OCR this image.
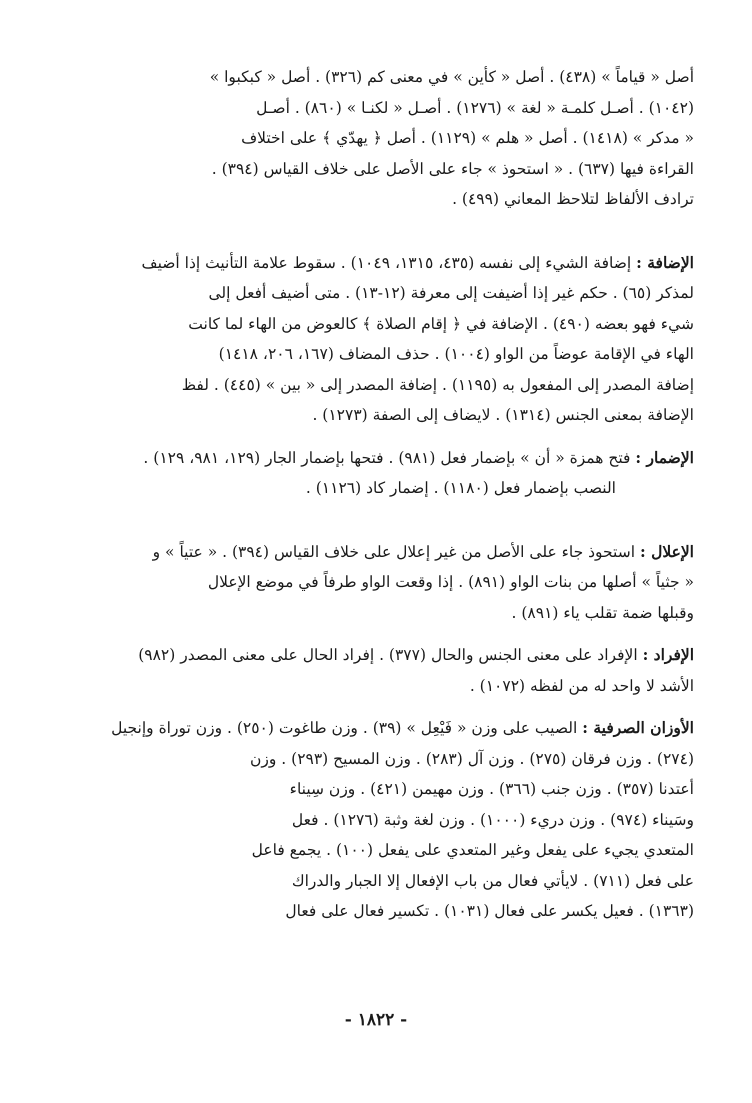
أصل « قياماً » (٤٣٨) . أصل « كأين » في معنى كم (٣٢٦) . أصل « كبكبوا »
(١٠٤٢) . أصـل كلمـة « لغة » (١٢٧٦) . أصـل « لكنـا » (٨٦٠) . أصـل
« مدكر » (١٤١٨) . أصل « هلم » (١١٢٩) . أصل ﴿ يهدّي ﴾ على اختلاف
القراءة فيها (٦٣٧) . « استحوذ » جاء على الأصل على خلاف القياس (٣٩٤) .
ترادف الألفاظ لتلاحظ المعاني (٤٩٩) .
الإضافة : إضافة الشيء إلى نفسه (٤٣٥، ١٣١٥، ١٠٤٩) . سقوط علامة التأنيث إذا أضيف
لمذكر (٦٥) . حكم غير إذا أضيفت إلى معرفة (١٢-١٣) . متى أضيف أفعل إلى
شيء فهو بعضه (٤٩٠) . الإضافة في ﴿ إقام الصلاة ﴾ كالعوض من الهاء لما كانت
الهاء في الإقامة عوضاً من الواو (١٠٠٤) . حذف المضاف (١٦٧، ٢٠٦، ١٤١٨)
إضافة المصدر إلى المفعول به (١١٩٥) . إضافة المصدر إلى « بين » (٤٤٥) . لفظ
الإضافة بمعنى الجنس (١٣١٤) . لايضاف إلى الصفة (١٢٧٣) .
الإضمار : فتح همزة « أن » بإضمار فعل (٩٨١) . فتحها بإضمار الجار (١٢٩، ٩٨١، ١٢٩) .
النصب بإضمار فعل (١١٨٠) . إضمار كاد (١١٢٦) .
الإعلال : استحوذ جاء على الأصل من غير إعلال على خلاف القياس (٣٩٤) . « عتياً » و
« جثياً » أصلها من بنات الواو (٨٩١) . إذا وقعت الواو طرفاً في موضع الإعلال
وقبلها ضمة تقلب ياء (٨٩١) .
الإفراد : الإفراد على معنى الجنس والحال (٣٧٧) . إفراد الحال على معنى المصدر (٩٨٢)
الأشد لا واحد له من لفظه (١٠٧٢) .
الأوزان الصرفية : الصيب على وزن « فَيْعِل » (٣٩) . وزن طاغوت (٢٥٠) . وزن توراة وإنجيل
(٢٧٤) . وزن فرقان (٢٧٥) . وزن آل (٢٨٣) . وزن المسيح (٢٩٣) . وزن
أعتدنا (٣٥٧) . وزن جنب (٣٦٦) . وزن مهيمن (٤٢١) . وزن سِيناء
وسَيناء (٩٧٤) . وزن دريء (١٠٠٠) . وزن لغة وثبة (١٢٧٦) . فعل
المتعدي يجيء على يفعل وغير المتعدي على يفعل (١٠٠) . يجمع فاعل
على فعل (٧١١) . لايأتي فعال من باب الإفعال إلا الجبار والدراك
(١٣٦٣) . فعيل يكسر على فعال (١٠٣١) . تكسير فعال على فعال
- ١٨٢٢ -
